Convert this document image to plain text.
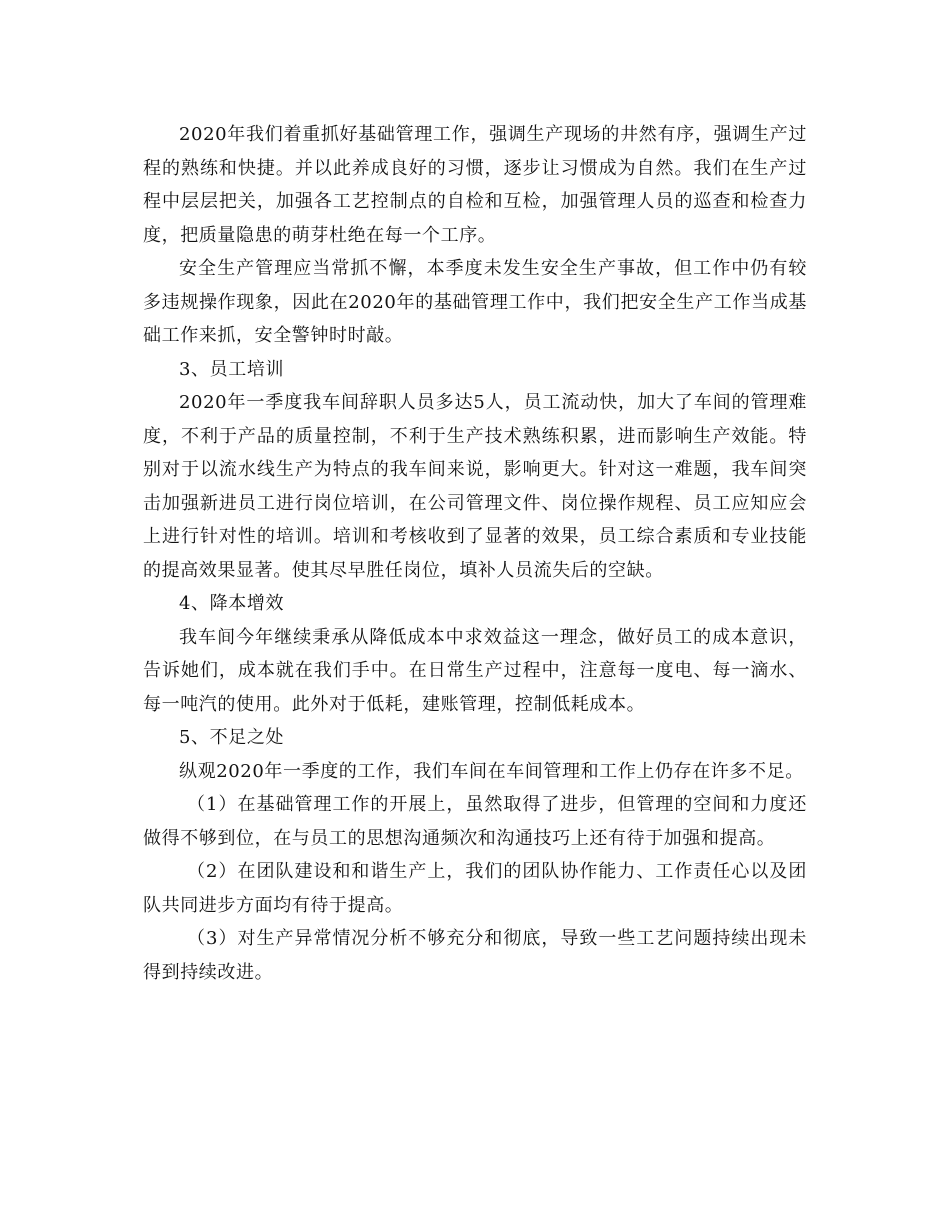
2020年我们着重抓好基础管理工作，强调生产现场的井然有序，强调生产过程的熟练和快捷。并以此养成良好的习惯，逐步让习惯成为自然。我们在生产过程中层层把关，加强各工艺控制点的自检和互检，加强管理人员的巡查和检查力度，把质量隐患的萌芽杜绝在每一个工序。

安全生产管理应当常抓不懈，本季度未发生安全生产事故，但工作中仍有较多违规操作现象，因此在2020年的基础管理工作中，我们把安全生产工作当成基础工作来抓，安全警钟时时敲。

3、员工培训

2020年一季度我车间辞职人员多达5人，员工流动快，加大了车间的管理难度，不利于产品的质量控制，不利于生产技术熟练积累，进而影响生产效能。特别对于以流水线生产为特点的我车间来说，影响更大。针对这一难题，我车间突击加强新进员工进行岗位培训，在公司管理文件、岗位操作规程、员工应知应会上进行针对性的培训。培训和考核收到了显著的效果，员工综合素质和专业技能的提高效果显著。使其尽早胜任岗位，填补人员流失后的空缺。

4、降本增效

我车间今年继续秉承从降低成本中求效益这一理念，做好员工的成本意识，告诉她们，成本就在我们手中。在日常生产过程中，注意每一度电、每一滴水、每一吨汽的使用。此外对于低耗，建账管理，控制低耗成本。

5、不足之处

纵观2020年一季度的工作，我们车间在车间管理和工作上仍存在许多不足。

（1）在基础管理工作的开展上，虽然取得了进步，但管理的空间和力度还做得不够到位，在与员工的思想沟通频次和沟通技巧上还有待于加强和提高。

（2）在团队建设和和谐生产上，我们的团队协作能力、工作责任心以及团队共同进步方面均有待于提高。

（3）对生产异常情况分析不够充分和彻底，导致一些工艺问题持续出现未得到持续改进。
